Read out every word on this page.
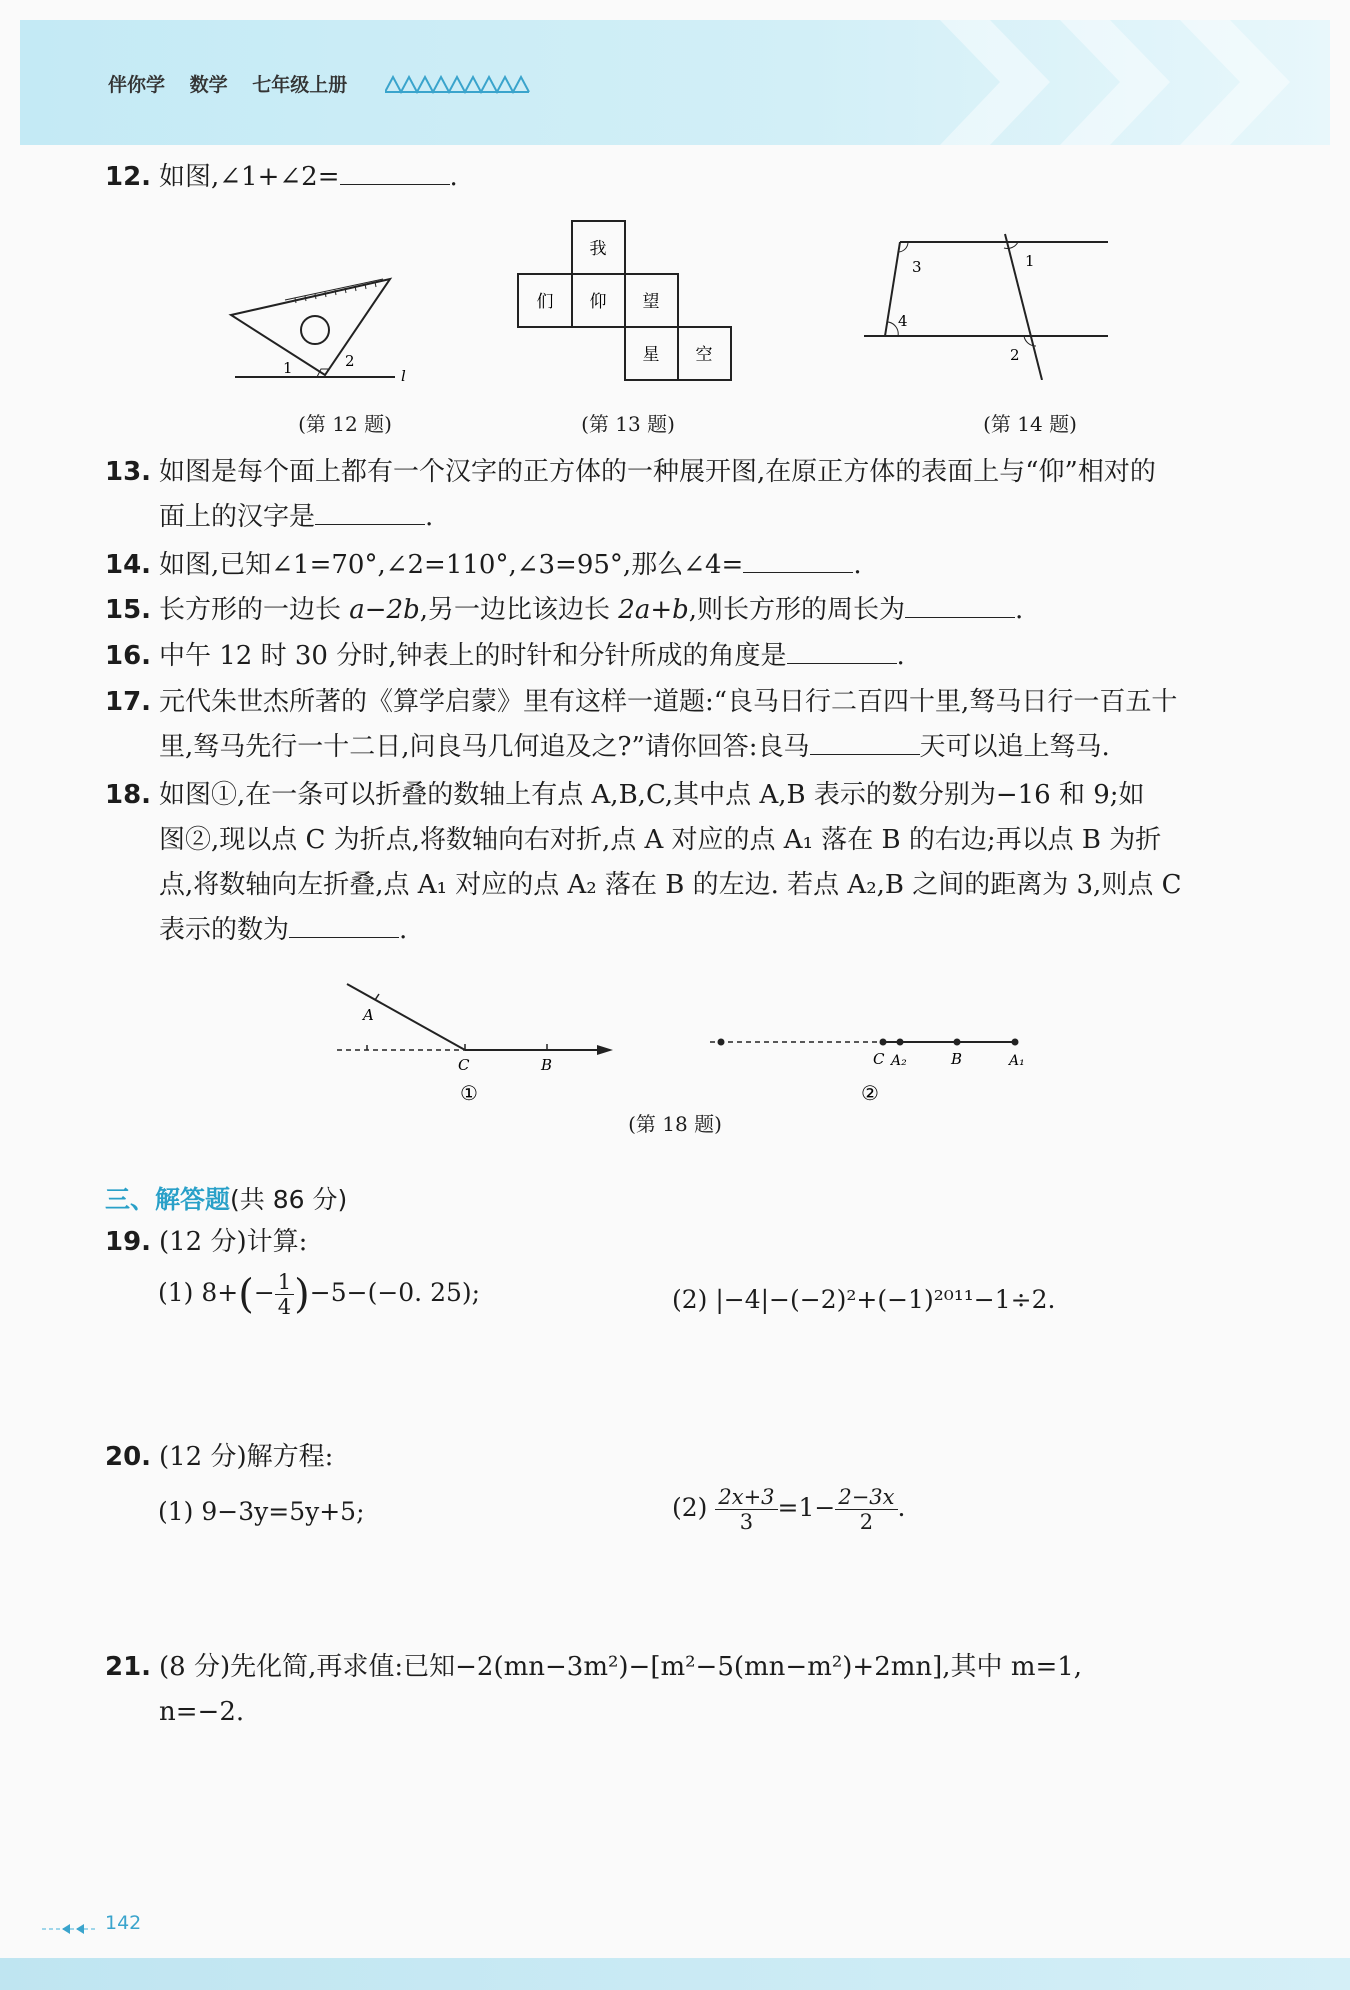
伴你学 数学 七年级上册
12. 如图,∠1+∠2=	.
1	2
l
(第 12 题)
我
们 仰 望
星 空
(第 13 题)
1
2
3
4
(第 14 题)
13. 如图是每个面上都有一个汉字的正方体的一种展开图,在原正方体的表面上与“仰”相对的
面上的汉字是	.
14. 如图,已知∠1=70°,∠2=110°,∠3=95°,那么∠4=	.
15. 长方形的一边长 a−2b,另一边比该边长 2a+b,则长方形的周长为	.
16. 中午 12 时 30 分时,钟表上的时针和分针所成的角度是	.
17. 元代朱世杰所著的《算学启蒙》里有这样一道题:“良马日行二百四十里,驽马日行一百五十
里,驽马先行一十二日,问良马几何追及之?”请你回答:良马	天可以追上驽马.
18. 如图①,在一条可以折叠的数轴上有点 A,B,C,其中点 A,B 表示的数分别为−16 和 9;如
图②,现以点 C 为折点,将数轴向右对折,点 A 对应的点 A₁ 落在 B 的右边;再以点 B 为折
点,将数轴向左折叠,点 A₁ 对应的点 A₂ 落在 B 的左边. 若点 A₂,B 之间的距离为 3,则点 C
表示的数为	.
A
C	B
①
C A₂	B	A₁
②
(第 18 题)
三、解答题(共 86 分)
19. (12 分)计算:
(1) $8+(- \frac{1}{4} )-5-(-0$. 25);	(2) |−4|−(−2)²+(−1)²⁰¹¹−1÷2.
20. (12 分)解方程:
(1) 9−3y=5y+5;	$(2) \frac{2x+3}{3} =1- \frac{2-3x}{2}$ .
21. (8 分)先化简,再求值:已知−2(mn−3m²)−[m²−5(mn−m²)+2mn],其中 m=1,
n=−2.
142
